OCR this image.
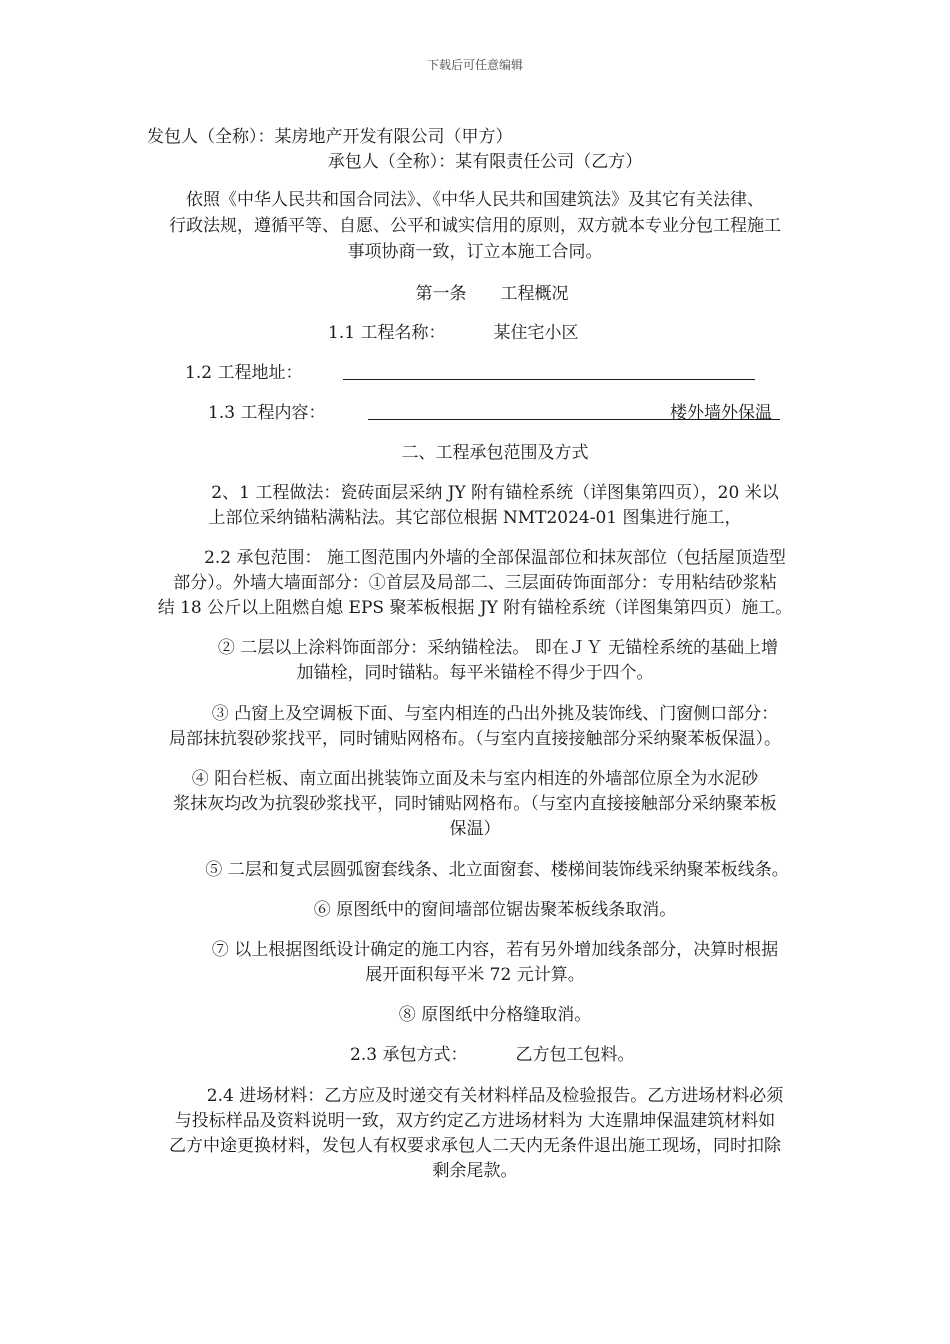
下载后可任意编辑
发包人（全称）：某房地产开发有限公司（甲方）
承包人（全称）：某有限责任公司（乙方）
依照《中华人民共和国合同法》、《中华人民共和国建筑法》及其它有关法律、
行政法规，遵循平等、自愿、公平和诚实信用的原则，双方就本专业分包工程施工
事项协商一致，订立本施工合同。
第一条　　工程概况
1.1 工程名称：	某住宅小区
1.2 工程地址：
1.3 工程内容：	楼外墙外保温
二、工程承包范围及方式
2、1 工程做法：瓷砖面层采纳 JY 附有锚栓系统（详图集第四页），20 米以
上部位采纳锚粘满粘法。其它部位根据 NMT2024-01 图集进行施工，
2.2 承包范围： 施工图范围内外墙的全部保温部位和抹灰部位（包括屋顶造型
部分）。外墙大墙面部分：①首层及局部二、三层面砖饰面部分：专用粘结砂浆粘
结 18 公斤以上阻燃自熄 EPS 聚苯板根据 JY 附有锚栓系统（详图集第四页）施工。
② 二层以上涂料饰面部分：采纳锚栓法。 即在ＪＹ 无锚栓系统的基础上增
加锚栓，同时锚粘。每平米锚栓不得少于四个。
③ 凸窗上及空调板下面、与室内相连的凸出外挑及装饰线、门窗侧口部分：
局部抹抗裂砂浆找平，同时铺贴网格布。（与室内直接接触部分采纳聚苯板保温）。
④ 阳台栏板、南立面出挑装饰立面及未与室内相连的外墙部位原全为水泥砂
浆抹灰均改为抗裂砂浆找平，同时铺贴网格布。（与室内直接接触部分采纳聚苯板
保温）
⑤ 二层和复式层圆弧窗套线条、北立面窗套、楼梯间装饰线采纳聚苯板线条。
⑥ 原图纸中的窗间墙部位锯齿聚苯板线条取消。
⑦ 以上根据图纸设计确定的施工内容，若有另外增加线条部分，决算时根据
展开面积每平米 72 元计算。
⑧ 原图纸中分格缝取消。
2.3 承包方式：	乙方包工包料。
2.4 进场材料：乙方应及时递交有关材料样品及检验报告。乙方进场材料必须
与投标样品及资料说明一致，双方约定乙方进场材料为 大连鼎坤保温建筑材料如
乙方中途更换材料，发包人有权要求承包人二天内无条件退出施工现场，同时扣除
剩余尾款。
